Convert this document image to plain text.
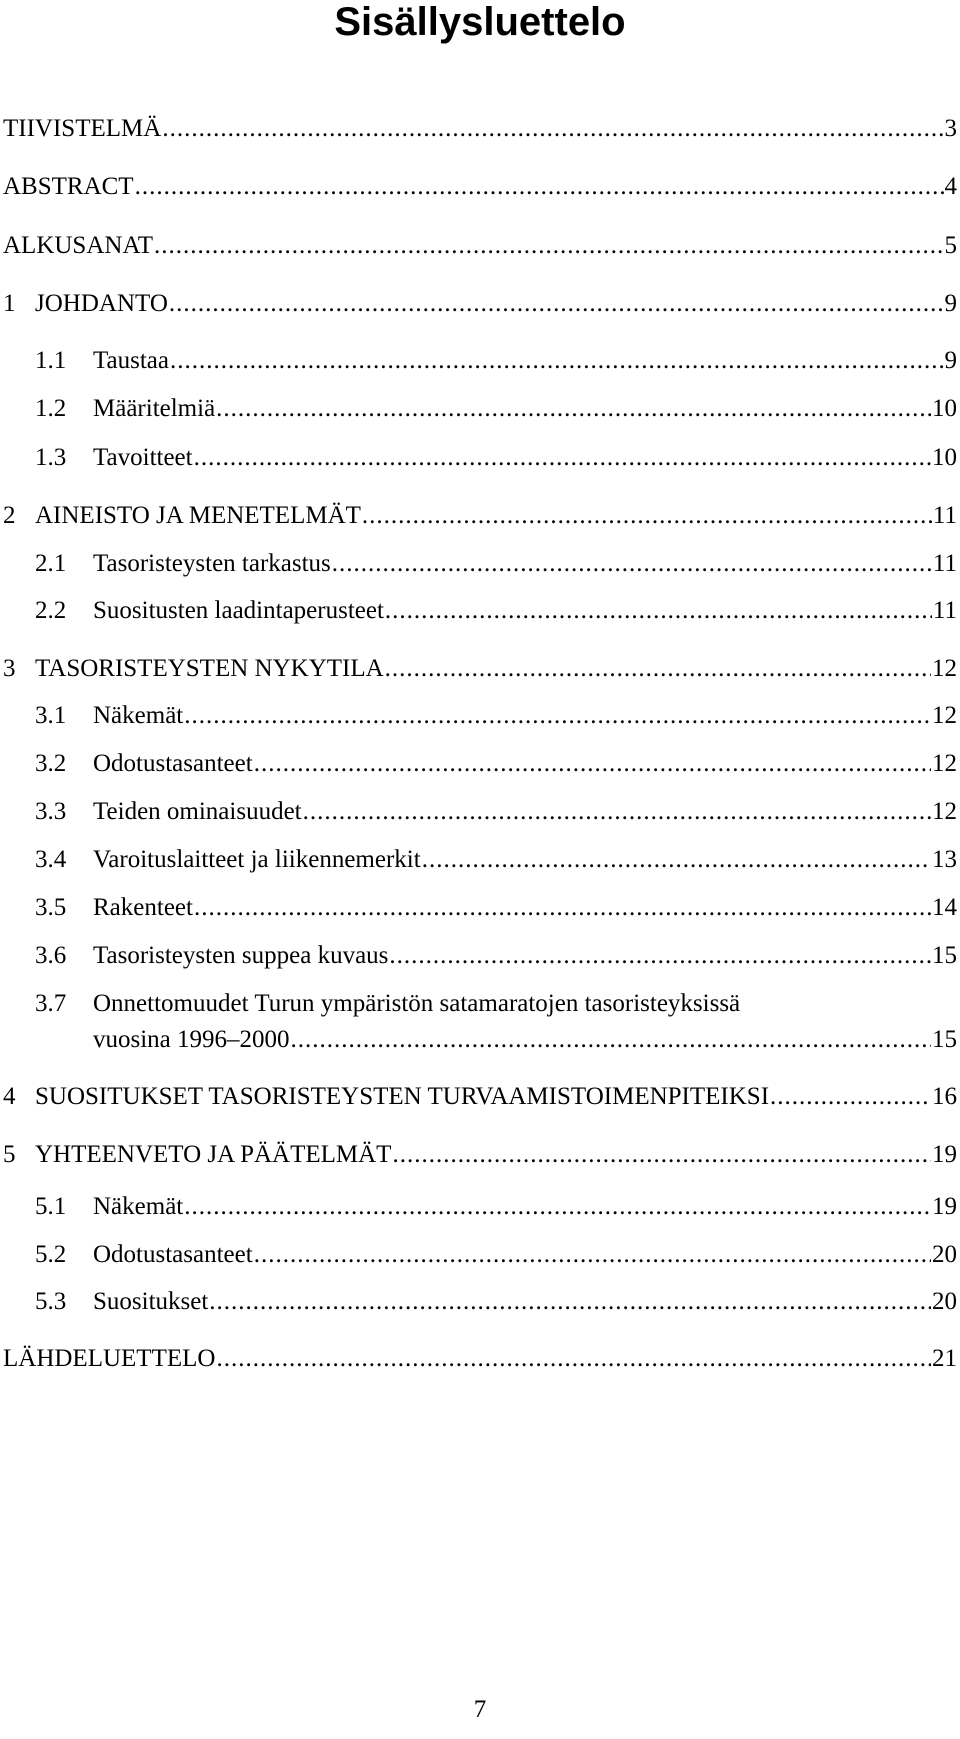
Sisällysluettelo
TIIVISTELMÄ .....	3
ABSTRACT .....	4
ALKUSANAT .....	5
1 JOHDANTO .....	9
1.1	Taustaa .....	9
1.2	Määritelmiä .....	10
1.3	Tavoitteet .....	10
2 AINEISTO JA MENETELMÄT .....	11
2.1	Tasoristeysten tarkastus .....	11
2.2	Suositusten laadintaperusteet .....	11
3 TASORISTEYSTEN NYKYTILA .....	12
3.1	Näkemät .....	12
3.2	Odotustasanteet .....	12
3.3	Teiden ominaisuudet .....	12
3.4	Varoituslaitteet ja liikennemerkit .....	13
3.5	Rakenteet .....	14
3.6	Tasoristeysten suppea kuvaus .....	15
3.7	Onnettomuudet Turun ympäristön satamaratojen tasoristeyksissä
vuosina 1996–2000 .....	15
4 SUOSITUKSET TASORISTEYSTEN TURVAAMISTOIMENPITEIKSI .....	16
5 YHTEENVETO JA PÄÄTELMÄT .....	19
5.1	Näkemät .....	19
5.2	Odotustasanteet .....	20
5.3	Suositukset .....	20
LÄHDELUETTELO .....	21
7
